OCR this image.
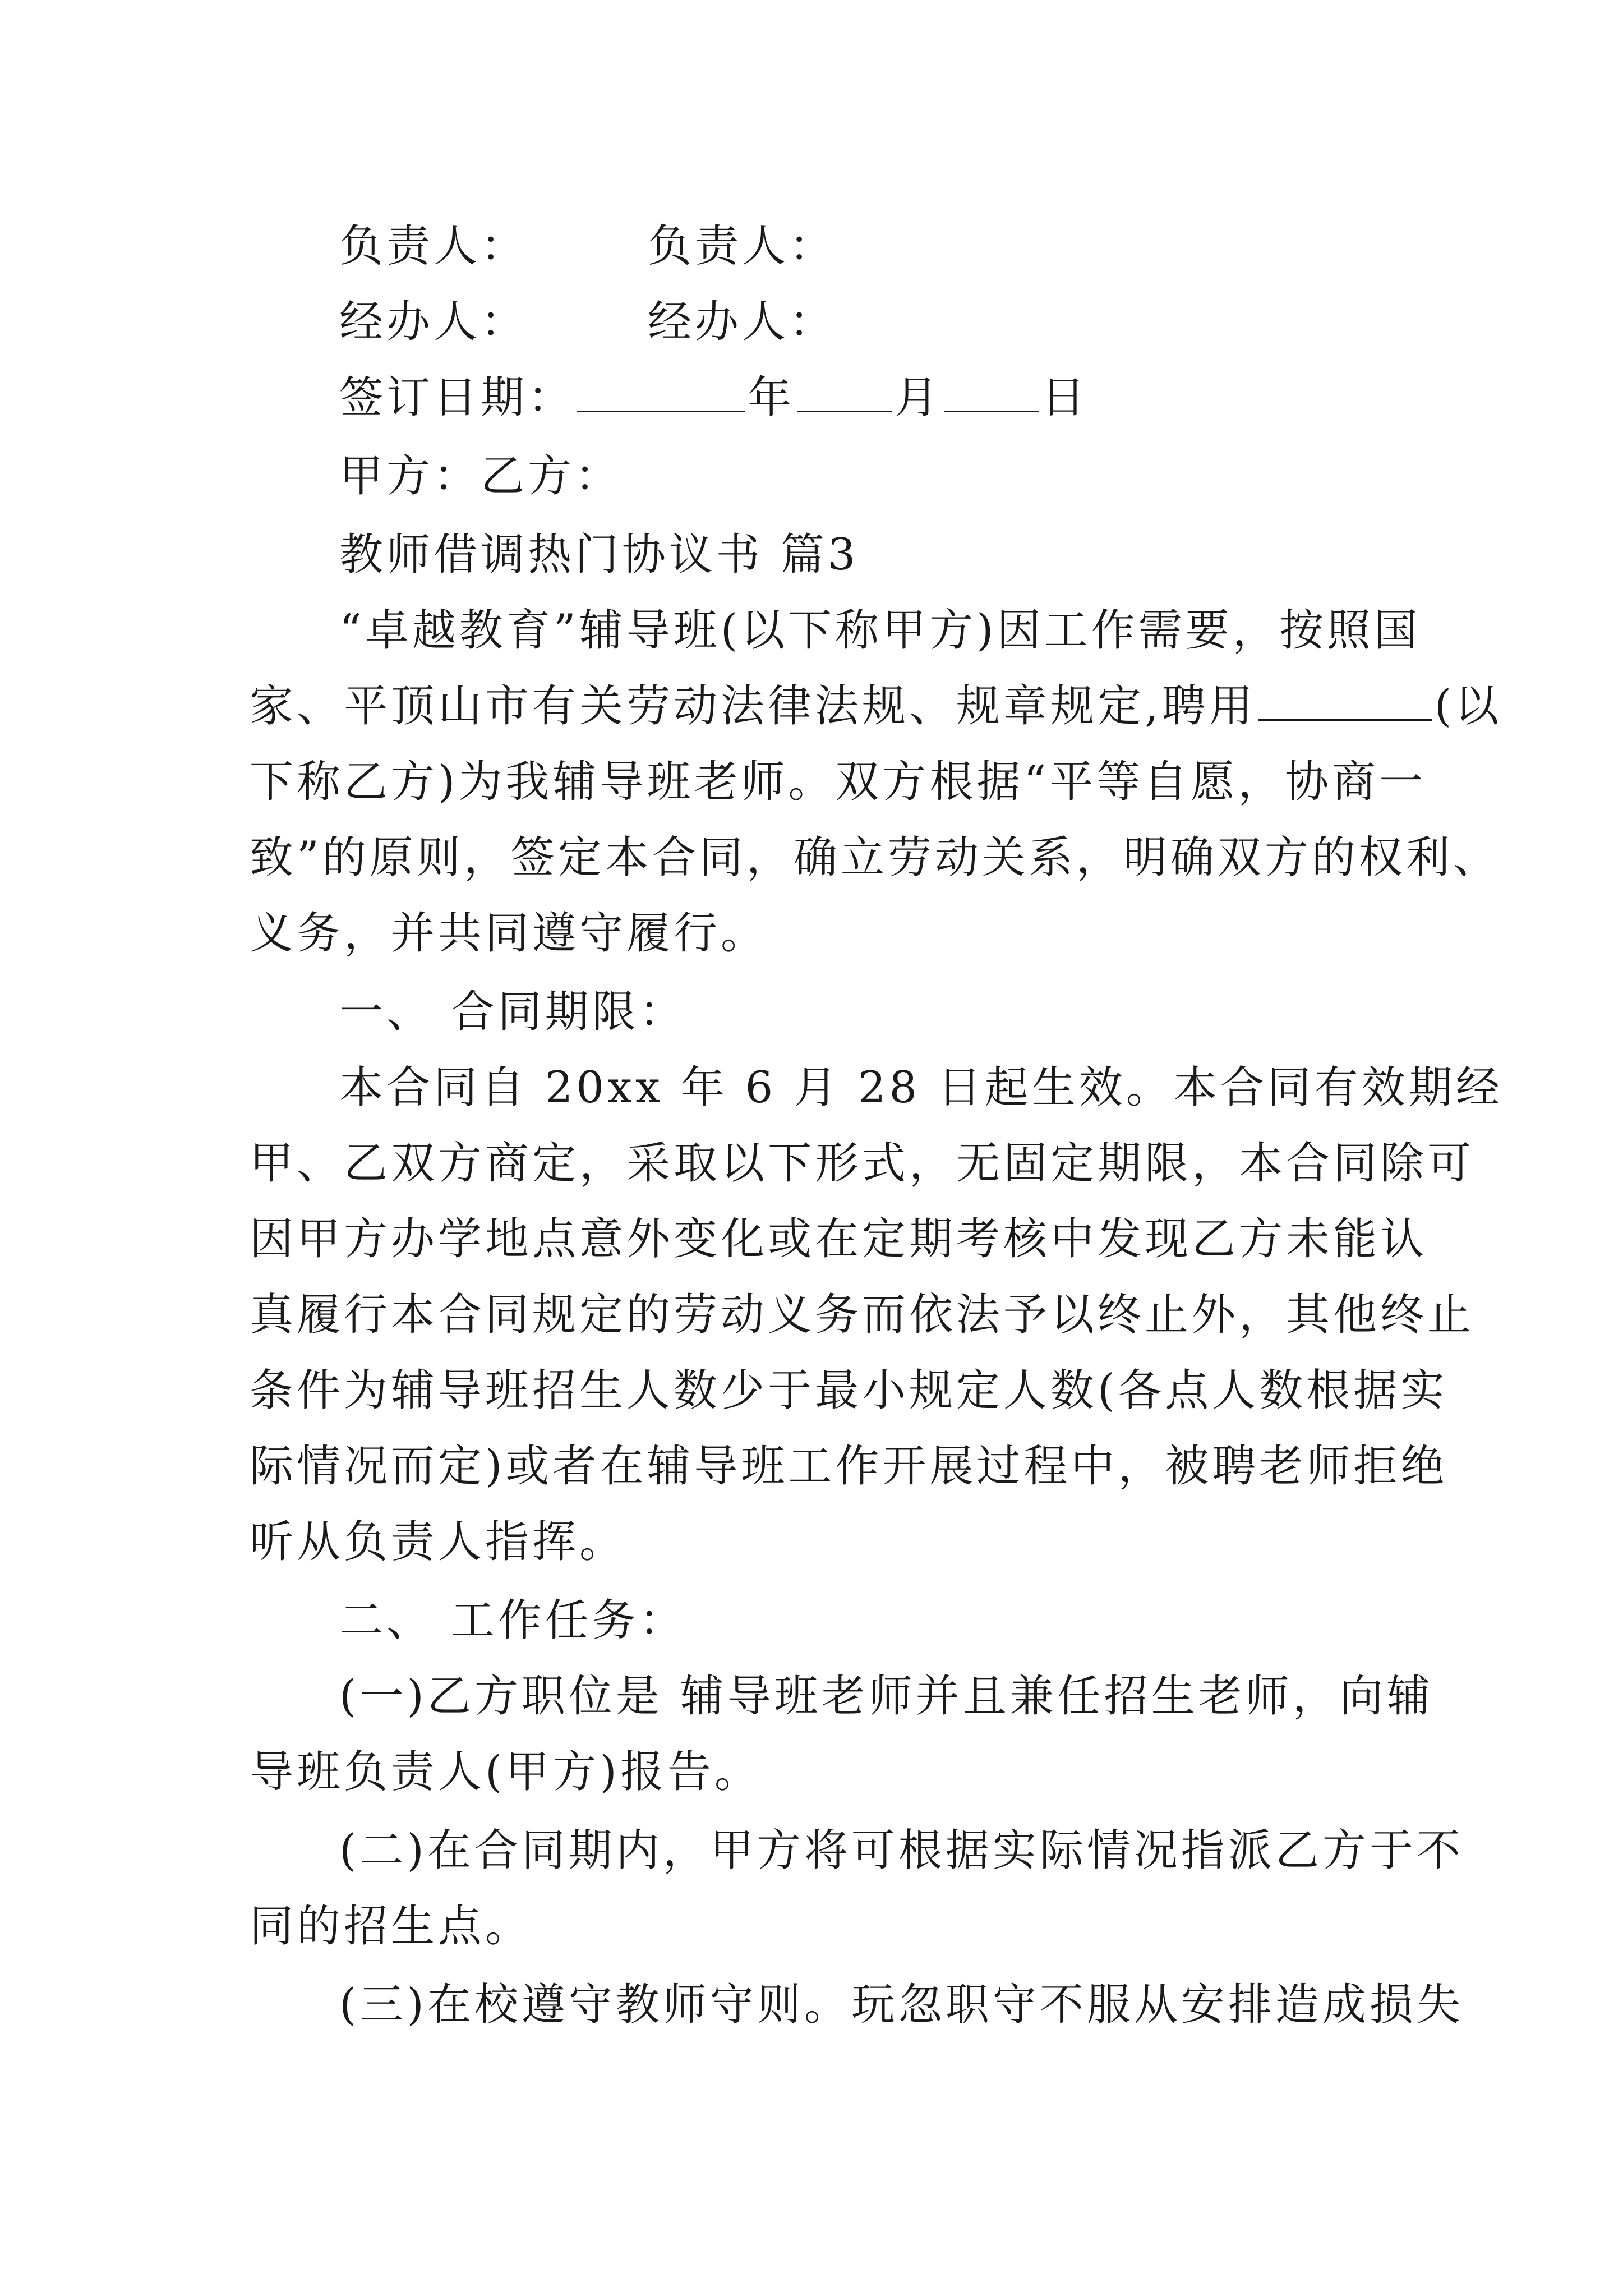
负责人：	负责人：
经办人：	经办人：
签订日期：	年 月 日
甲方：乙方：
教师借调热门协议书 篇3
“卓越教育”辅导班(以下称甲方)因工作需要，按照国
家、平顶山市有关劳动法律法规、规章规定,聘用	(以
下称乙方)为我辅导班老师。双方根据“平等自愿，协商一
致”的原则，签定本合同，确立劳动关系，明确双方的权利、
义务，并共同遵守履行。
一、 合同期限：
本合同自 20xx 年 6 月 28 日起生效。本合同有效期经
甲、乙双方商定，采取以下形式，无固定期限，本合同除可
因甲方办学地点意外变化或在定期考核中发现乙方未能认
真履行本合同规定的劳动义务而依法予以终止外，其他终止
条件为辅导班招生人数少于最小规定人数(各点人数根据实
际情况而定)或者在辅导班工作开展过程中，被聘老师拒绝
听从负责人指挥。
二、 工作任务：
(一)乙方职位是 辅导班老师并且兼任招生老师，向辅
导班负责人(甲方)报告。
(二)在合同期内，甲方将可根据实际情况指派乙方于不
同的招生点。
(三)在校遵守教师守则。玩忽职守不服从安排造成损失
